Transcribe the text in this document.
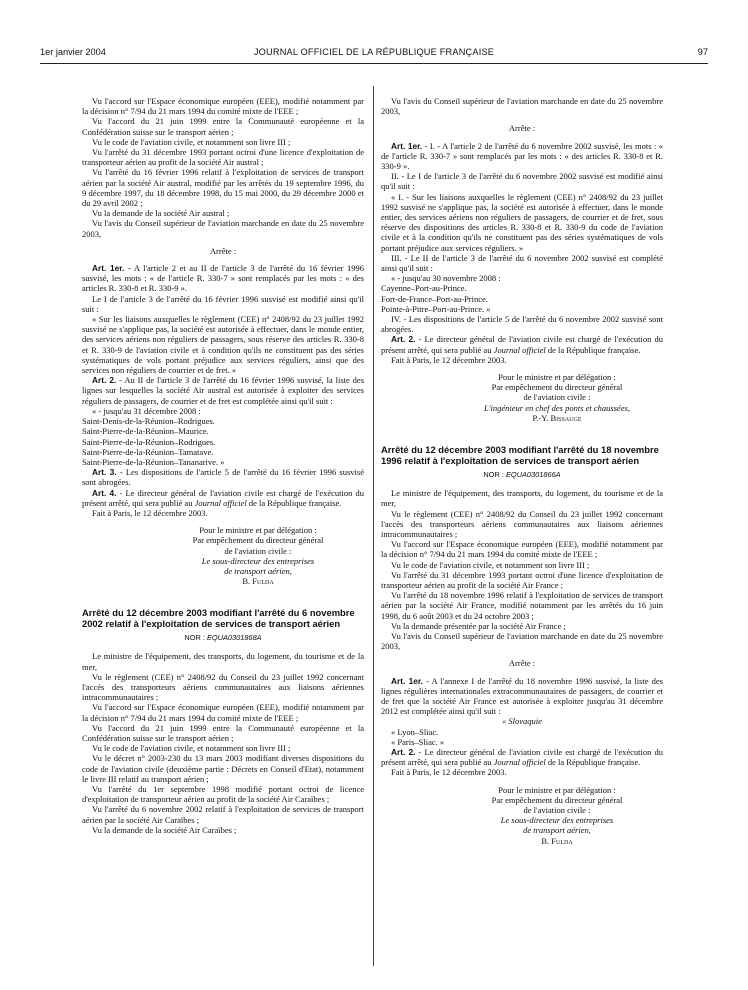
1er janvier 2004	JOURNAL OFFICIEL DE LA RÉPUBLIQUE FRANÇAISE	97

Vu l'accord sur l'Espace économique européen (EEE), modifié notamment par la décision n° 7/94 du 21 mars 1994 du comité mixte de l'EEE ;

Vu l'accord du 21 juin 1999 entre la Communauté européenne et la Confédération suisse sur le transport aérien ;

Vu le code de l'aviation civile, et notamment son livre III ;

Vu l'arrêté du 31 décembre 1993 portant octroi d'une licence d'exploitation de transporteur aérien au profit de la société Air austral ;

Vu l'arrêté du 16 février 1996 relatif à l'exploitation de services de transport aérien par la société Air austral, modifié par les arrêtés du 19 septembre 1996, du 9 décembre 1997, du 18 décembre 1998, du 15 mai 2000, du 29 décembre 2000 et du 29 avril 2002 ;

Vu la demande de la société Air austral ;

Vu l'avis du Conseil supérieur de l'aviation marchande en date du 25 novembre 2003,

Arrête :

Art. 1er. - A l'article 2 et au II de l'article 3 de l'arrêté du 16 février 1996 susvisé, les mots : « de l'article R. 330-7 » sont remplacés par les mots : « des articles R. 330-8 et R. 330-9 ».

Le I de l'article 3 de l'arrêté du 16 février 1996 susvisé est modifié ainsi qu'il suit :

« Sur les liaisons auxquelles le règlement (CEE) n° 2408/92 du 23 juillet 1992 susvisé ne s'applique pas, la société est autorisée à effectuer, dans le monde entier, des services aériens non réguliers de passagers, sous réserve des articles R. 330-8 et R. 330-9 de l'aviation civile et à condition qu'ils ne constituent pas des séries systématiques de vols portant préjudice aux services réguliers, ainsi que des services non réguliers de courrier et de fret. »

Art. 2. - Au II de l'article 3 de l'arrêté du 16 février 1996 susvisé, la liste des lignes sur lesquelles la société Air austral est autorisée à exploiter des services réguliers de passagers, de courrier et de fret est complétée ainsi qu'il suit :

« - jusqu'au 31 décembre 2008 :

Saint-Denis-de-la-Réunion–Rodrigues.

Saint-Pierre-de-la-Réunion–Maurice.

Saint-Pierre-de-la-Réunion–Rodrigues.

Saint-Pierre-de-la-Réunion–Tamatave.

Saint-Pierre-de-la-Réunion–Tananarive. »

Art. 3. - Les dispositions de l'article 5 de l'arrêté du 16 février 1996 susvisé sont abrogées.

Art. 4. - Le directeur général de l'aviation civile est chargé de l'exécution du présent arrêté, qui sera publié au Journal officiel de la République française.

Fait à Paris, le 12 décembre 2003.

Pour le ministre et par délégation :

Par empêchement du directeur général

de l'aviation civile :

Le sous-directeur des entreprises

de transport aérien,

B. Fulda

Arrêté du 12 décembre 2003 modifiant l'arrêté du 6 novembre 2002 relatif à l'exploitation de services de transport aérien
NOR : EQUA0301868A

Le ministre de l'équipement, des transports, du logement, du tourisme et de la mer,

Vu le règlement (CEE) n° 2408/92 du Conseil du 23 juillet 1992 concernant l'accès des transporteurs aériens communautaires aux liaisons aériennes intracommunautaires ;

Vu l'accord sur l'Espace économique européen (EEE), modifié notamment par la décision n° 7/94 du 21 mars 1994 du comité mixte de l'EEE ;

Vu l'accord du 21 juin 1999 entre la Communauté européenne et la Confédération suisse sur le transport aérien ;

Vu le code de l'aviation civile, et notamment son livre III ;

Vu le décret n° 2003-230 du 13 mars 2003 modifiant diverses dispositions du code de l'aviation civile (deuxième partie : Décrets en Conseil d'Etat), notamment le livre III relatif au transport aérien ;

Vu l'arrêté du 1er septembre 1998 modifié portant octroi de licence d'exploitation de transporteur aérien au profit de la société Air Caraïbes ;

Vu l'arrêté du 6 novembre 2002 relatif à l'exploitation de services de transport aérien par la société Air Caraïbes ;

Vu la demande de la société Air Caraïbes ;

Vu l'avis du Conseil supérieur de l'aviation marchande en date du 25 novembre 2003,

Arrête :

Art. 1er. - I. - A l'article 2 de l'arrêté du 6 novembre 2002 susvisé, les mots : « de l'article R. 330-7 » sont remplacés par les mots : « des articles R. 330-8 et R. 330-9 ».

II. - Le I de l'article 3 de l'arrêté du 6 novembre 2002 susvisé est modifié ainsi qu'il suit :

« I. - Sur les liaisons auxquelles le règlement (CEE) n° 2408/92 du 23 juillet 1992 susvisé ne s'applique pas, la société est autorisée à effectuer, dans le monde entier, des services aériens non réguliers de passagers, de courrier et de fret, sous réserve des dispositions des articles R. 330-8 et R. 330-9 du code de l'aviation civile et à la condition qu'ils ne constituent pas des séries systématiques de vols portant préjudice aux services réguliers. »

III. - Le II de l'article 3 de l'arrêté du 6 novembre 2002 susvisé est complété ainsi qu'il suit :

« - jusqu'au 30 novembre 2008 :

Cayenne–Port-au-Prince.

Fort-de-France–Port-au-Prince.

Pointe-à-Pitre–Port-au-Prince. »

IV. - Les dispositions de l'article 5 de l'arrêté du 6 novembre 2002 susvisé sont abrogées.

Art. 2. - Le directeur général de l'aviation civile est chargé de l'exécution du présent arrêté, qui sera publié au Journal officiel de la République française.

Fait à Paris, le 12 décembre 2003.

Pour le ministre et par délégation :

Par empêchement du directeur général

de l'aviation civile :

L'ingénieur en chef des ponts et chaussées,

P.-Y. Bissauge

Arrêté du 12 décembre 2003 modifiant l'arrêté du 18 novembre 1996 relatif à l'exploitation de services de transport aérien
NOR : EQUA0301866A

Le ministre de l'équipement, des transports, du logement, du tourisme et de la mer,

Vu le règlement (CEE) n° 2408/92 du Conseil du 23 juillet 1992 concernant l'accès des transporteurs aériens communautaires aux liaisons aériennes intracommunautaires ;

Vu l'accord sur l'Espace économique européen (EEE), modifié notamment par la décision n° 7/94 du 21 mars 1994 du comité mixte de l'EEE ;

Vu le code de l'aviation civile, et notamment son livre III ;

Vu l'arrêté du 31 décembre 1993 portant octroi d'une licence d'exploitation de transporteur aérien au profit de la société Air France ;

Vu l'arrêté du 18 novembre 1996 relatif à l'exploitation de services de transport aérien par la société Air France, modifié notamment par les arrêtés du 16 juin 1998, du 6 août 2003 et du 24 octobre 2003 ;

Vu la demande présentée par la société Air France ;

Vu l'avis du Conseil supérieur de l'aviation marchande en date du 25 novembre 2003,

Arrête :

Art. 1er. - A l'annexe I de l'arrêté du 18 novembre 1996 susvisé, la liste des lignes régulières internationales extracommunautaires de passagers, de courrier et de fret que la société Air France est autorisée à exploiter jusqu'au 31 décembre 2012 est complétée ainsi qu'il suit :

« Slovaquie

« Lyon–Sliac.

« Paris–Sliac. »

Art. 2. - Le directeur général de l'aviation civile est chargé de l'exécution du présent arrêté, qui sera publié au Journal officiel de la République française.

Fait à Paris, le 12 décembre 2003.

Pour le ministre et par délégation :

Par empêchement du directeur général

de l'aviation civile :

Le sous-directeur des entreprises

de transport aérien,

B. Fulda
